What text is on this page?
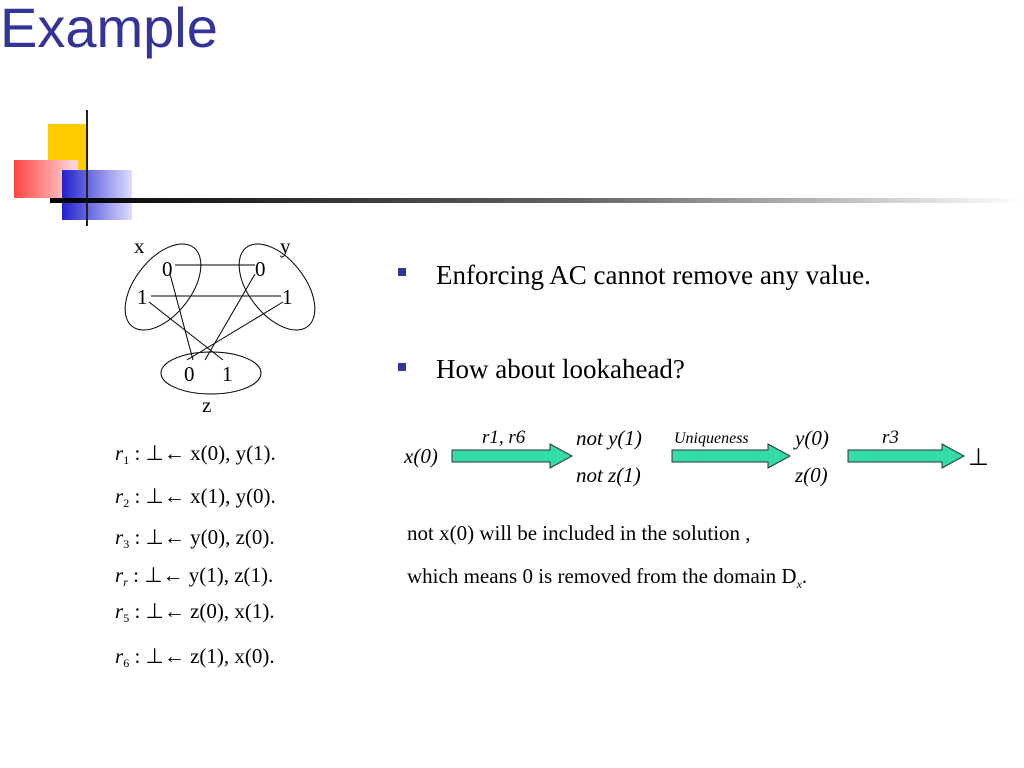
Example
x	y
z
0
1
0
1
0 1
$r_1$ : ⊥← x(0), y(1).
$r_2$ : ⊥← x(1), y(0).
$r_3$ : ⊥← y(0), z(0).
$r_r$ : ⊥← y(1), z(1).
$r_5$ : ⊥← z(0), x(1).
$r_6$ : ⊥← z(1), x(0).
Enforcing AC cannot remove any value.
How about lookahead?
x(0)
r1, r6 not y(1)
not z(1)
Uniqueness y(0)
z(0)
r3
⊥
not x(0) will be included in the solution ,
which means 0 is removed from the domain $D_x$.
